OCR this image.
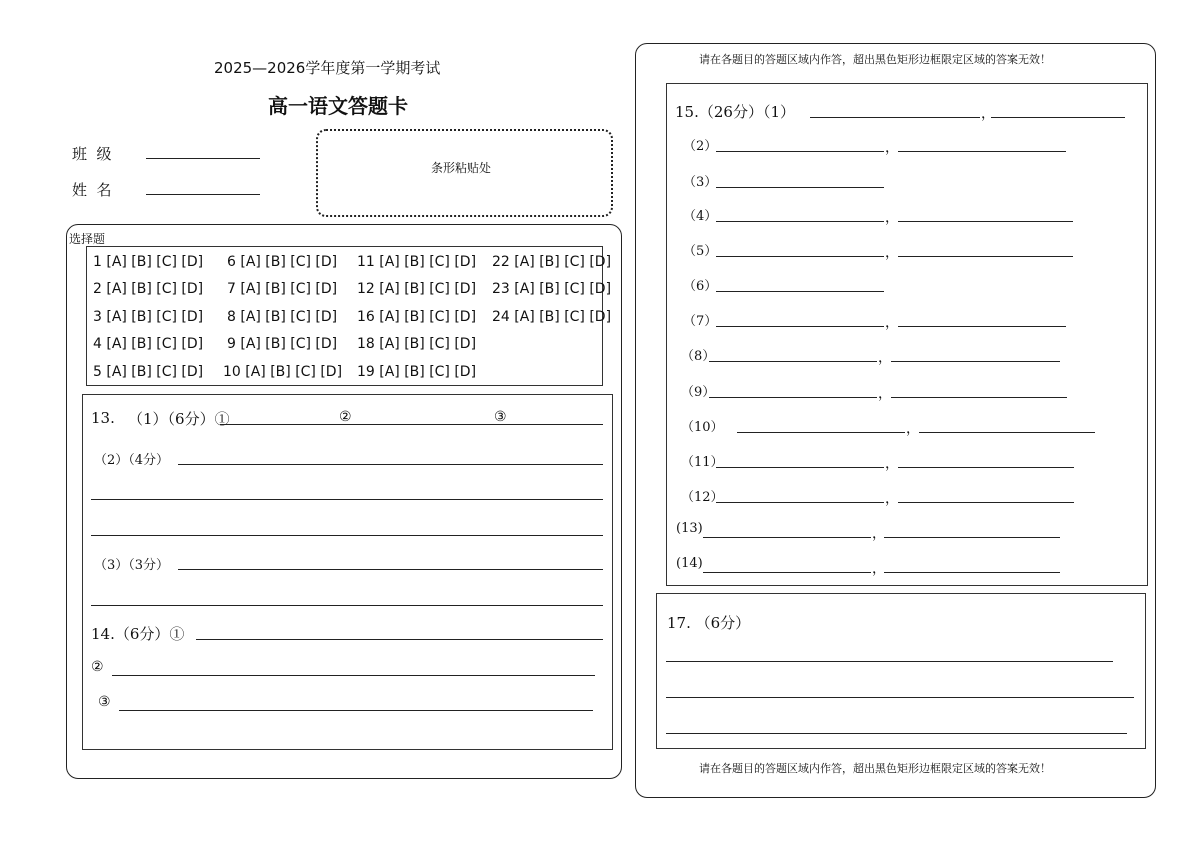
2025—2026学年度第一学期考试
高一语文答题卡
班  级
姓  名
条形粘贴处
选择题
1 [A] [B] [C] [D] 6 [A] [B] [C] [D] 11 [A] [B] [C] [D] 22 [A] [B] [C] [D]
2 [A] [B] [C] [D] 7 [A] [B] [C] [D] 12 [A] [B] [C] [D] 23 [A] [B] [C] [D]
3 [A] [B] [C] [D] 8 [A] [B] [C] [D] 16 [A] [B] [C] [D] 24 [A] [B] [C] [D]
4 [A] [B] [C] [D] 9 [A] [B] [C] [D] 18 [A] [B] [C] [D]
5 [A] [B] [C] [D] 10 [A] [B] [C] [D] 19 [A] [B] [C] [D]
13. （1）（6分）①	②	③
（2）（4分）
（3）（3分）
14.（6分）①
②
③
请在各题目的答题区域内作答，超出黑色矩形边框限定区域的答案无效！
15.（26分）（1）	，
（2）	，
（3）
（4）	，
（5）	，
（6）
（7）	，
（8）	，
（9）	，
（10）	，
（11）	，
（12）	，
(13)	，
(14)	，
17. （6分）
请在各题目的答题区域内作答，超出黑色矩形边框限定区域的答案无效！
